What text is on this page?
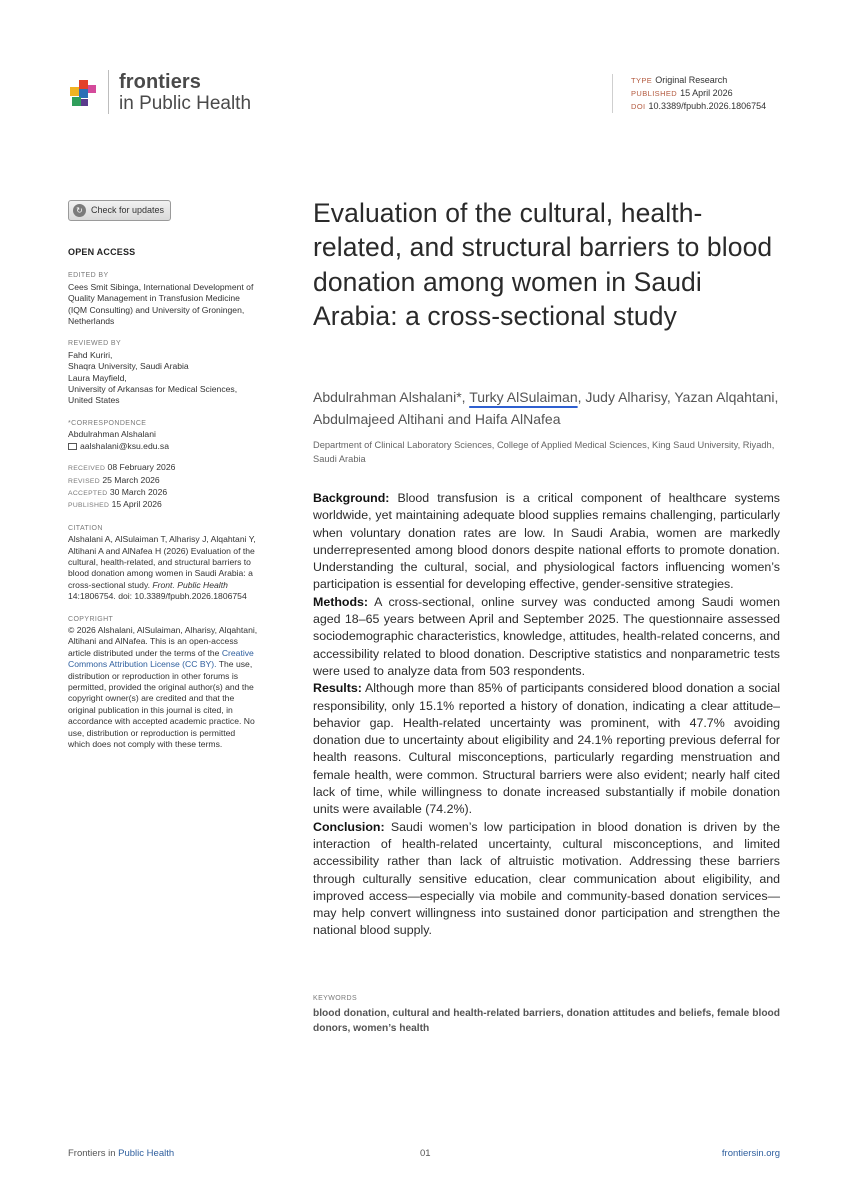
frontiers
in Public Health
TYPE Original Research
PUBLISHED 15 April 2026
DOI 10.3389/fpubh.2026.1806754
↻ Check for updates
OPEN ACCESS
EDITED BY
Cees Smit Sibinga, International Development of Quality Management in Transfusion Medicine (IQM Consulting) and University of Groningen, Netherlands
REVIEWED BY
Fahd Kuriri,
Shaqra University, Saudi Arabia
Laura Mayfield,
University of Arkansas for Medical Sciences, United States
*CORRESPONDENCE
Abdulrahman Alshalani
aalshalani@ksu.edu.sa
RECEIVED 08 February 2026
REVISED 25 March 2026
ACCEPTED 30 March 2026
PUBLISHED 15 April 2026
CITATION
Alshalani A, AlSulaiman T, Alharisy J, Alqahtani Y, Altihani A and AlNafea H (2026) Evaluation of the cultural, health-related, and structural barriers to blood donation among women in Saudi Arabia: a cross-sectional study. Front. Public Health 14:1806754. doi: 10.3389/fpubh.2026.1806754
COPYRIGHT
© 2026 Alshalani, AlSulaiman, Alharisy, Alqahtani, Altihani and AlNafea. This is an open-access article distributed under the terms of the Creative Commons Attribution License (CC BY). The use, distribution or reproduction in other forums is permitted, provided the original author(s) and the copyright owner(s) are credited and that the original publication in this journal is cited, in accordance with accepted academic practice. No use, distribution or reproduction is permitted which does not comply with these terms.
Evaluation of the cultural, health-related, and structural barriers to blood donation among women in Saudi Arabia: a cross-sectional study
Abdulrahman Alshalani*, Turky AlSulaiman, Judy Alharisy, Yazan Alqahtani, Abdulmajeed Altihani and Haifa AlNafea
Department of Clinical Laboratory Sciences, College of Applied Medical Sciences, King Saud University, Riyadh, Saudi Arabia

Background: Blood transfusion is a critical component of healthcare systems worldwide, yet maintaining adequate blood supplies remains challenging, particularly when voluntary donation rates are low. In Saudi Arabia, women are markedly underrepresented among blood donors despite national efforts to promote donation. Understanding the cultural, social, and physiological factors influencing women’s participation is essential for developing effective, gender-sensitive strategies.

Methods: A cross-sectional, online survey was conducted among Saudi women aged 18–65 years between April and September 2025. The questionnaire assessed sociodemographic characteristics, knowledge, attitudes, health-related concerns, and accessibility related to blood donation. Descriptive statistics and nonparametric tests were used to analyze data from 503 respondents.

Results: Although more than 85% of participants considered blood donation a social responsibility, only 15.1% reported a history of donation, indicating a clear attitude–behavior gap. Health-related uncertainty was prominent, with 47.7% avoiding donation due to uncertainty about eligibility and 24.1% reporting previous deferral for health reasons. Cultural misconceptions, particularly regarding menstruation and female health, were common. Structural barriers were also evident; nearly half cited lack of time, while willingness to donate increased substantially if mobile donation units were available (74.2%).

Conclusion: Saudi women’s low participation in blood donation is driven by the interaction of health-related uncertainty, cultural misconceptions, and limited accessibility rather than lack of altruistic motivation. Addressing these barriers through culturally sensitive education, clear communication about eligibility, and improved access—especially via mobile and community-based donation services—may help convert willingness into sustained donor participation and strengthen the national blood supply.

KEYWORDS
blood donation, cultural and health-related barriers, donation attitudes and beliefs, female blood donors, women’s health
Frontiers in Public Health	01	frontiersin.org
